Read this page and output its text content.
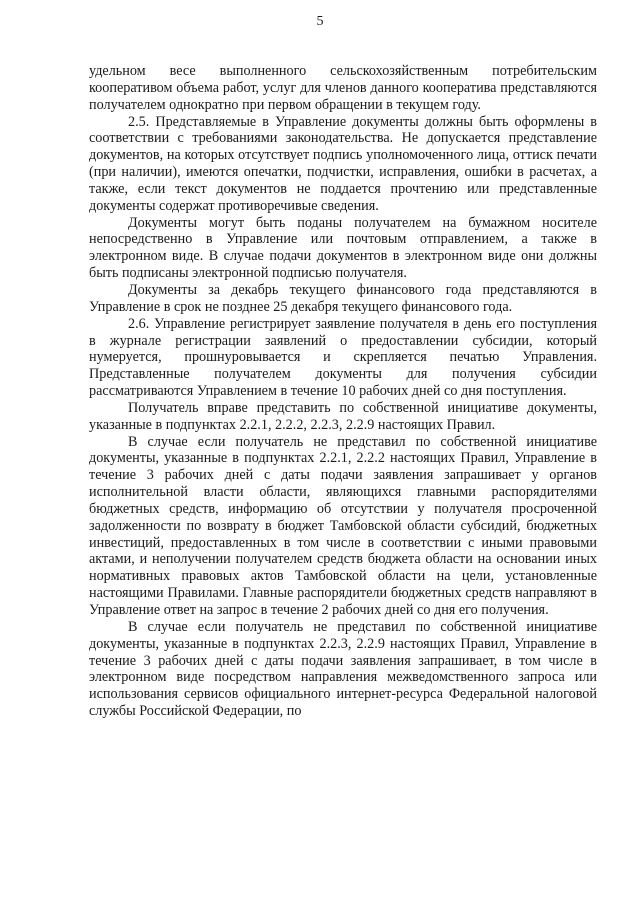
5

удельном весе выполненного сельскохозяйственным потребительским кооперативом объема работ, услуг для членов данного кооператива представляются получателем однократно при первом обращении в текущем году.

2.5. Представляемые в Управление документы должны быть оформлены в соответствии с требованиями законодательства. Не допускается представление документов, на которых отсутствует подпись уполномоченного лица, оттиск печати (при наличии), имеются опечатки, подчистки, исправления, ошибки в расчетах, а также, если текст документов не поддается прочтению или представленные документы содержат противоречивые сведения.

Документы могут быть поданы получателем на бумажном носителе непосредственно в Управление или почтовым отправлением, а также в электронном виде. В случае подачи документов в электронном виде они должны быть подписаны электронной подписью получателя.

Документы за декабрь текущего финансового года представляются в Управление в срок не позднее 25 декабря текущего финансового года.

2.6. Управление регистрирует заявление получателя в день его поступления в журнале регистрации заявлений о предоставлении субсидии, который нумеруется, прошнуровывается и скрепляется печатью Управления. Представленные получателем документы для получения субсидии рассматриваются Управлением в течение 10 рабочих дней со дня поступления.

Получатель вправе представить по собственной инициативе документы, указанные в подпунктах 2.2.1, 2.2.2, 2.2.3, 2.2.9 настоящих Правил.

В случае если получатель не представил по собственной инициативе документы, указанные в подпунктах 2.2.1, 2.2.2 настоящих Правил, Управление в течение 3 рабочих дней с даты подачи заявления запрашивает у органов исполнительной власти области, являющихся главными распорядителями бюджетных средств, информацию об отсутствии у получателя просроченной задолженности по возврату в бюджет Тамбовской области субсидий, бюджетных инвестиций, предоставленных в том числе в соответствии с иными правовыми актами, и неполучении получателем средств бюджета области на основании иных нормативных правовых актов Тамбовской области на цели, установленные настоящими Правилами. Главные распорядители бюджетных средств направляют в Управление ответ на запрос в течение 2 рабочих дней со дня его получения.

В случае если получатель не представил по собственной инициативе документы, указанные в подпунктах 2.2.3, 2.2.9 настоящих Правил, Управление в течение 3 рабочих дней с даты подачи заявления запрашивает, в том числе в электронном виде посредством направления межведомственного запроса или использования сервисов официального интернет-ресурса Федеральной налоговой службы Российской Федерации, по
